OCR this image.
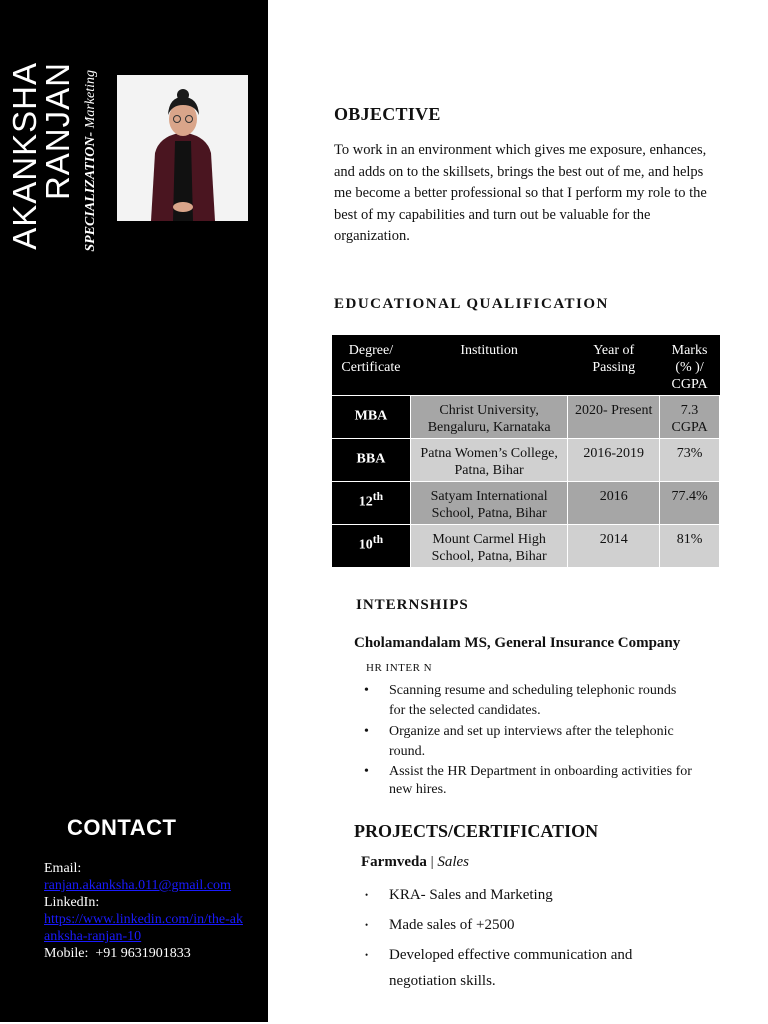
AKANKSHA
RANJAN SPECIALIZATION- Marketing
CONTACT
Email:
ranjan.akanksha.011@gmail.com
LinkedIn:
https://www.linkedin.com/in/the-akanksha-ranjan-10
Mobile: +91 9631901833
OBJECTIVE
To work in an environment which gives me exposure, enhances, and adds on to the skillsets, brings the best out of me, and helps me become a better professional so that I perform my role to the best of my capabilities and turn out be valuable for the organization.
EDUCATIONAL QUALIFICATION
Degree/ Certificate	Institution	Year of Passing	Marks (% )/ CGPA
MBA	Christ University, Bengaluru, Karnataka	2020- Present	7.3 CGPA
BBA	Patna Women’s College, Patna, Bihar	2016-2019	73%
12th	Satyam International School, Patna, Bihar	2016	77.4%
10th	Mount Carmel High School, Patna, Bihar	2014	81%
INTERNSHIPS
Cholamandalam MS, General Insurance Company
HR INTER N
• Scanning resume and scheduling telephonic rounds for the selected candidates.
• Organize and set up interviews after the telephonic round.
• Assist the HR Department in onboarding activities for new hires.
PROJECTS/CERTIFICATION
Farmveda | Sales
• KRA- Sales and Marketing
• Made sales of +2500
• Developed effective communication and negotiation skills.
